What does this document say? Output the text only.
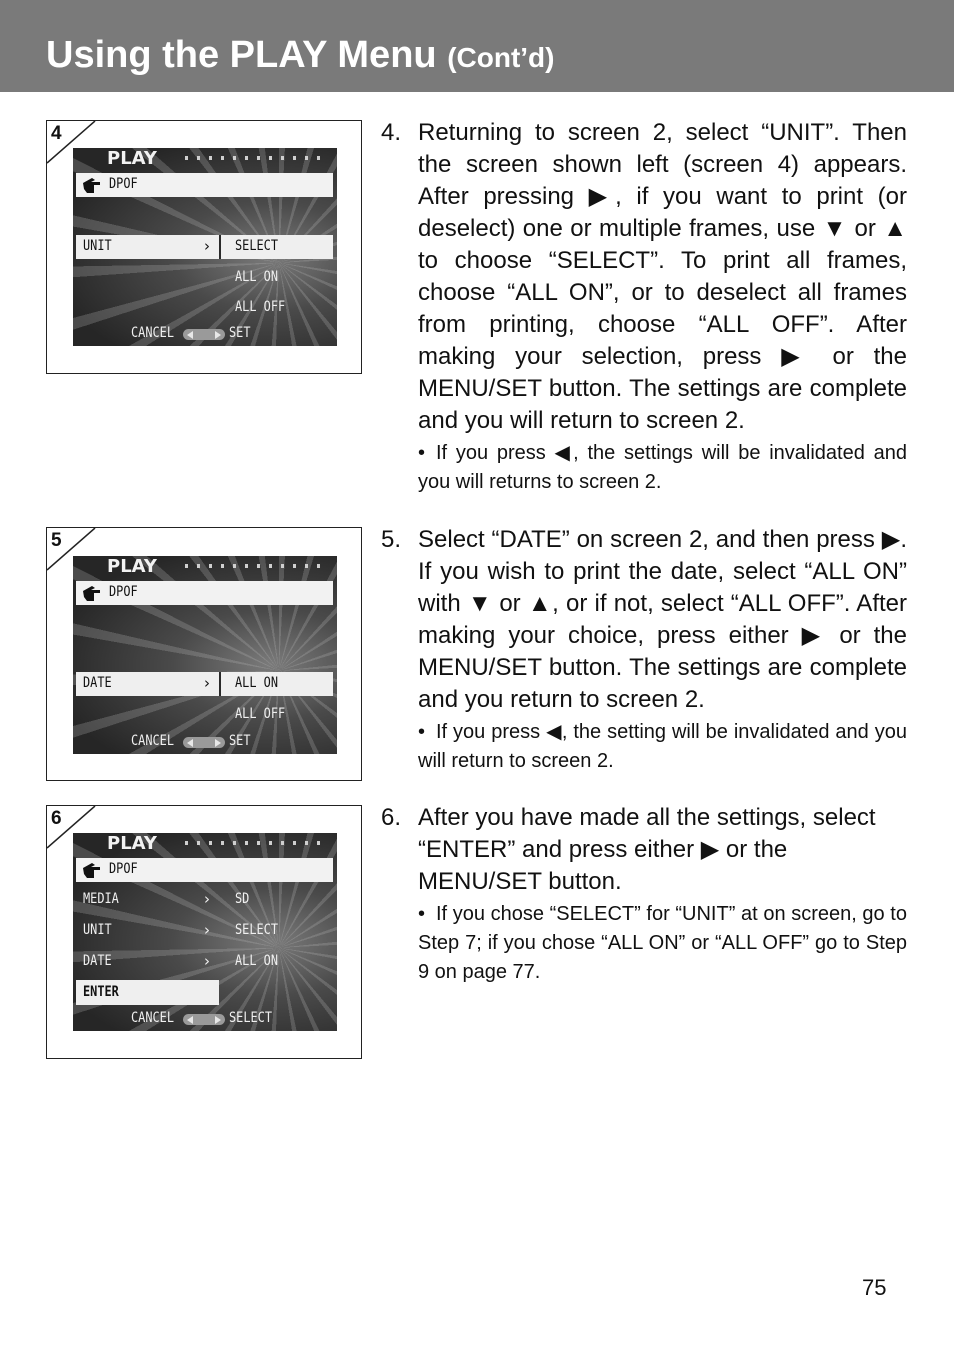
Using the PLAY Menu (Cont’d)
4
PLAY
DPOF
UNIT	› SELECT
ALL ON
ALL OFF
CANCEL	SET
5
PLAY
DPOF
DATE	› ALL ON
ALL OFF
CANCEL	SET
6
PLAY
DPOF
MEDIA	› SD
UNIT	› SELECT
DATE	› ALL ON
ENTER
CANCEL	SELECT
4. Returning to screen 2, select “UNIT”. Then the screen shown left (screen 4) appears. After pressing ▶, if you want to print (or deselect) one or multiple frames, use ▼ or ▲ to choose “SELECT”. To print all frames, choose “ALL ON”, or to deselect all frames from printing, choose “ALL OFF”. After making your selection, press ▶ or the MENU/SET button. The settings are complete and you will return to screen 2.
• If you press ◀, the settings will be invalidated and you will returns to screen 2.
5. Select “DATE” on screen 2, and then press ▶. If you wish to print the date, select “ALL ON” with ▼ or ▲, or if not, select “ALL OFF”. After making your choice, press either ▶ or the MENU/SET button. The settings are complete and you return to screen 2.
• If you press ◀, the setting will be invalidated and you will return to screen 2.
6. After you have made all the settings, select “ENTER” and press either ▶ or the MENU/SET button.
• If you chose “SELECT” for “UNIT” at on screen, go to Step 7; if you chose “ALL ON” or “ALL OFF” go to Step 9 on page 77.
75
